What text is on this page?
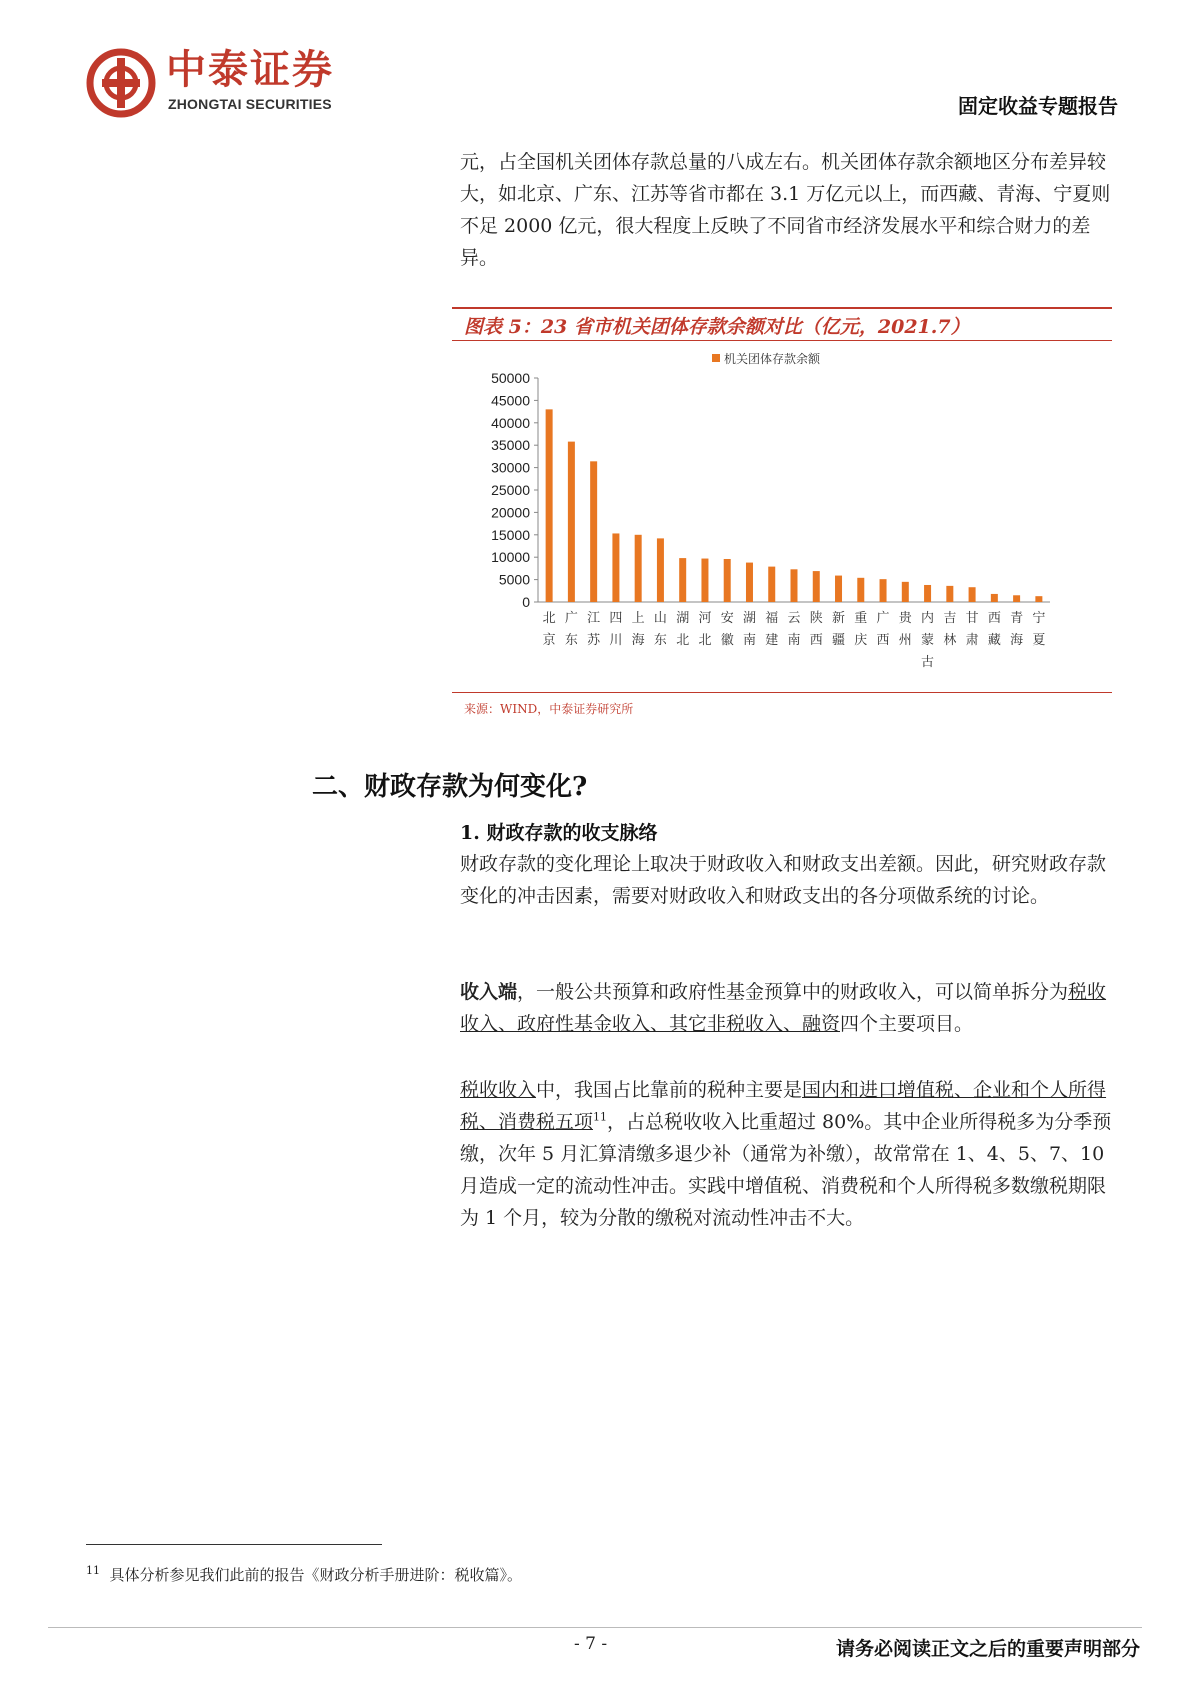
中泰证券
ZHONGTAI SECURITIES	固定收益专题报告

元，占全国机关团体存款总量的八成左右。机关团体存款余额地区分布差异较大，如北京、广东、江苏等省市都在 3.1 万亿元以上，而西藏、青海、宁夏则不足 2000 亿元，很大程度上反映了不同省市经济发展水平和综合财力的差异。

图表 5：23 省市机关团体存款余额对比（亿元，2021.7）
机关团体存款余额
50000
45000
40000
35000
30000
25000
20000
15000
10000
5000
0
北京
广东
江苏
四川
上海
山东
湖北
河北
安徽
湖南
福建
云南
陕西
新疆
重庆
广西
贵州
内蒙古
吉林
甘肃
西藏
青海
宁夏
来源：WIND，中泰证券研究所
二、财政存款为何变化?
1. 财政存款的收支脉络

财政存款的变化理论上取决于财政收入和财政支出差额。因此，研究财政存款变化的冲击因素，需要对财政收入和财政支出的各分项做系统的讨论。

收入端，一般公共预算和政府性基金预算中的财政收入，可以简单拆分为税收收入、政府性基金收入、其它非税收入、融资四个主要项目。

税收收入中，我国占比靠前的税种主要是国内和进口增值税、企业和个人所得税、消费税五项$^{11}$，占总税收收入比重超过 80%。其中企业所得税多为分季预缴，次年 5 月汇算清缴多退少补（通常为补缴），故常常在 1、4、5、7、10 月造成一定的流动性冲击。实践中增值税、消费税和个人所得税多数缴税期限为 1 个月，较为分散的缴税对流动性冲击不大。

$^{11}$ 具体分析参见我们此前的报告《财政分析手册进阶：税收篇》。
- 7 -	请务必阅读正文之后的重要声明部分
